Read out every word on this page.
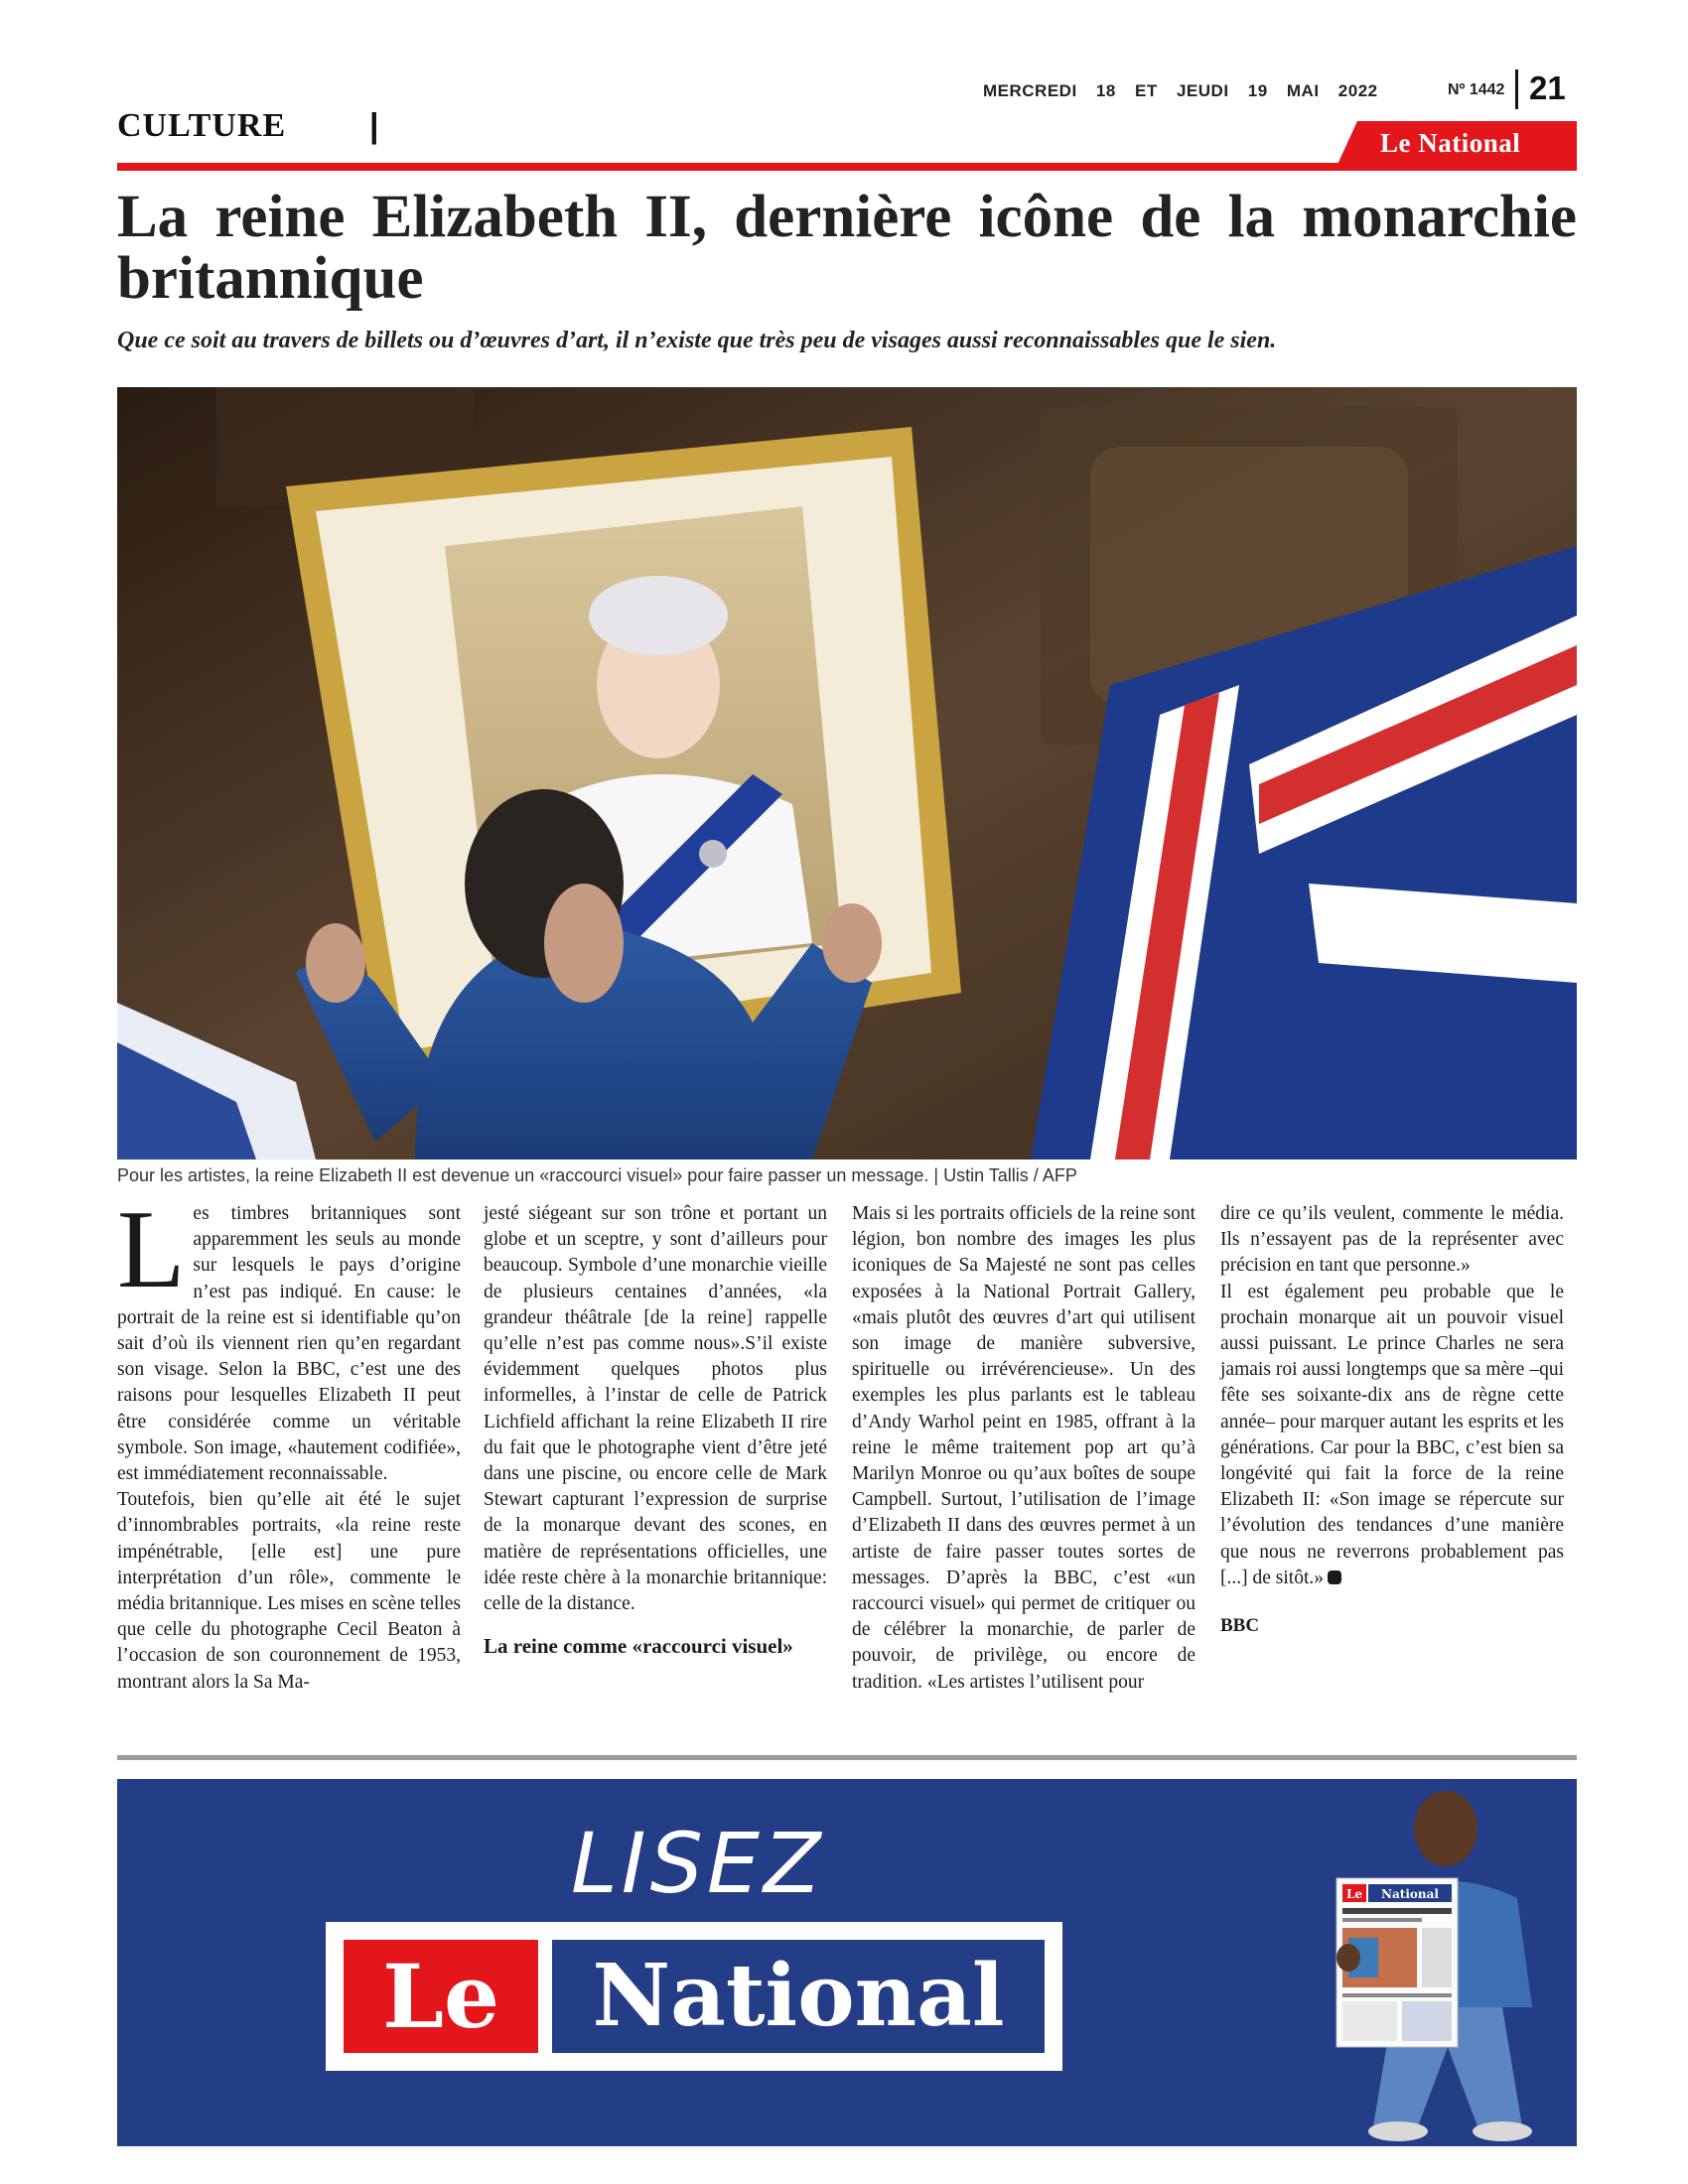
CULTURE |
MERCREDI 18 ET JEUDI 19 MAI 2022	Nº 1442 21
Le National
La reine Elizabeth II, dernière icône de la monarchie britannique
Que ce soit au travers de billets ou d’œuvres d’art, il n’existe que très peu de visages aussi reconnaissables que le sien.
Pour les artistes, la reine Elizabeth II est devenue un «raccourci visuel» pour faire passer un message. | Ustin Tallis / AFP
L es timbres britanniques sont apparemment les seuls au monde sur lesquels le pays d’origine n’est pas indiqué. En cause: le portrait de la reine est si identifiable qu’on sait d’où ils viennent rien qu’en regardant son visage. Selon la BBC, c’est une des raisons pour lesquelles Elizabeth II peut être considérée comme un véritable symbole. Son image, «hautement codifiée», est immédiatement reconnaissable.

Toutefois, bien qu’elle ait été le sujet d’innombrables portraits, «la reine reste impénétrable, [elle est] une pure interprétation d’un rôle», commente le média britannique. Les mises en scène telles que celle du photographe Cecil Beaton à l’occasion de son couronnement de 1953, montrant alors la Sa Ma-

jesté siégeant sur son trône et portant un globe et un sceptre, y sont d’ailleurs pour beaucoup. Symbole d’une monarchie vieille de plusieurs centaines d’années, «la grandeur théâtrale [de la reine] rappelle qu’elle n’est pas comme nous».S’il existe évidemment quelques photos plus informelles, à l’instar de celle de Patrick Lichfield affichant la reine Elizabeth II rire du fait que le photographe vient d’être jeté dans une piscine, ou encore celle de Mark Stewart capturant l’expression de surprise de la monarque devant des scones, en matière de représentations officielles, une idée reste chère à la monarchie britannique: celle de la distance.

La reine comme «raccourci visuel»

Mais si les portraits officiels de la reine sont légion, bon nombre des images les plus iconiques de Sa Majesté ne sont pas celles exposées à la National Portrait Gallery, «mais plutôt des œuvres d’art qui utilisent son image de manière subversive, spirituelle ou irrévérencieuse». Un des exemples les plus parlants est le tableau d’Andy Warhol peint en 1985, offrant à la reine le même traitement pop art qu’à Marilyn Monroe ou qu’aux boîtes de soupe Campbell. Surtout, l’utilisation de l’image d’Elizabeth II dans des œuvres permet à un artiste de faire passer toutes sortes de messages. D’après la BBC, c’est «un raccourci visuel» qui permet de critiquer ou de célébrer la monarchie, de parler de pouvoir, de privilège, ou encore de tradition. «Les artistes l’utilisent pour

dire ce qu’ils veulent, commente le média. Ils n’essayent pas de la représenter avec précision en tant que personne.»

Il est également peu probable que le prochain monarque ait un pouvoir visuel aussi puissant. Le prince Charles ne sera jamais roi aussi longtemps que sa mère –qui fête ses soixante-dix ans de règne cette année– pour marquer autant les esprits et les générations. Car pour la BBC, c’est bien sa longévité qui fait la force de la reine Elizabeth II: «Son image se répercute sur l’évolution des tendances d’une manière que nous ne reverrons probablement pas [...] de sitôt.»

BBC
LISEZ
Le	National
Le National
